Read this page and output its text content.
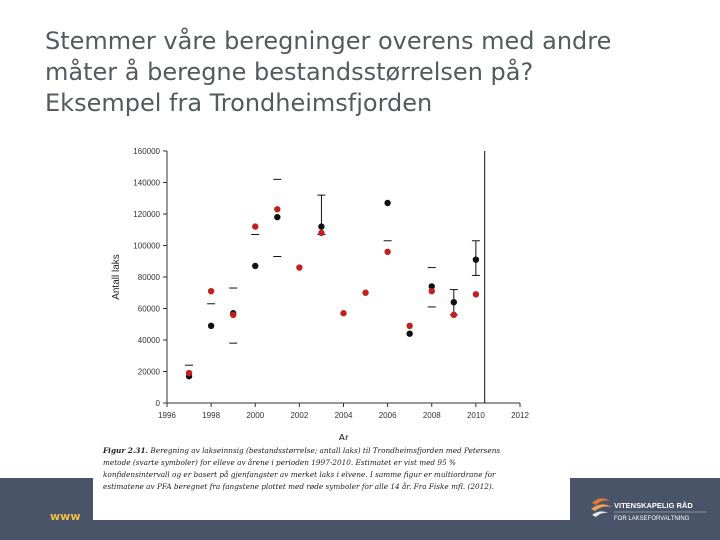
Stemmer våre beregninger overens med andre
måter å beregne bestandsstørrelsen på?
Eksempel fra Trondheimsfjorden
www
VITENSKAPELIG RÅD
FOR LAKSEFORVALTNING
0
20000
40000
60000
80000
100000
120000
140000
160000
1996	1998	2000	2002	2004	2006	2008	2010	2012
Ar
Antall laks
Figur 2.31. Beregning av lakseinnsig (bestandsstørrelse; antall laks) til Trondheimsfjorden med Petersens
metode (svarte symboler) for elleve av årene i perioden 1997-2010. Estimatet er vist med 95 %
konfidensintervall og er basert på gjenfangster av merket laks i elvene. I samme figur er multiordrane for
estimatene av PFA beregnet fra fangstene plottet med røde symboler for alle 14 år. Fra Fiske mfl. (2012).
